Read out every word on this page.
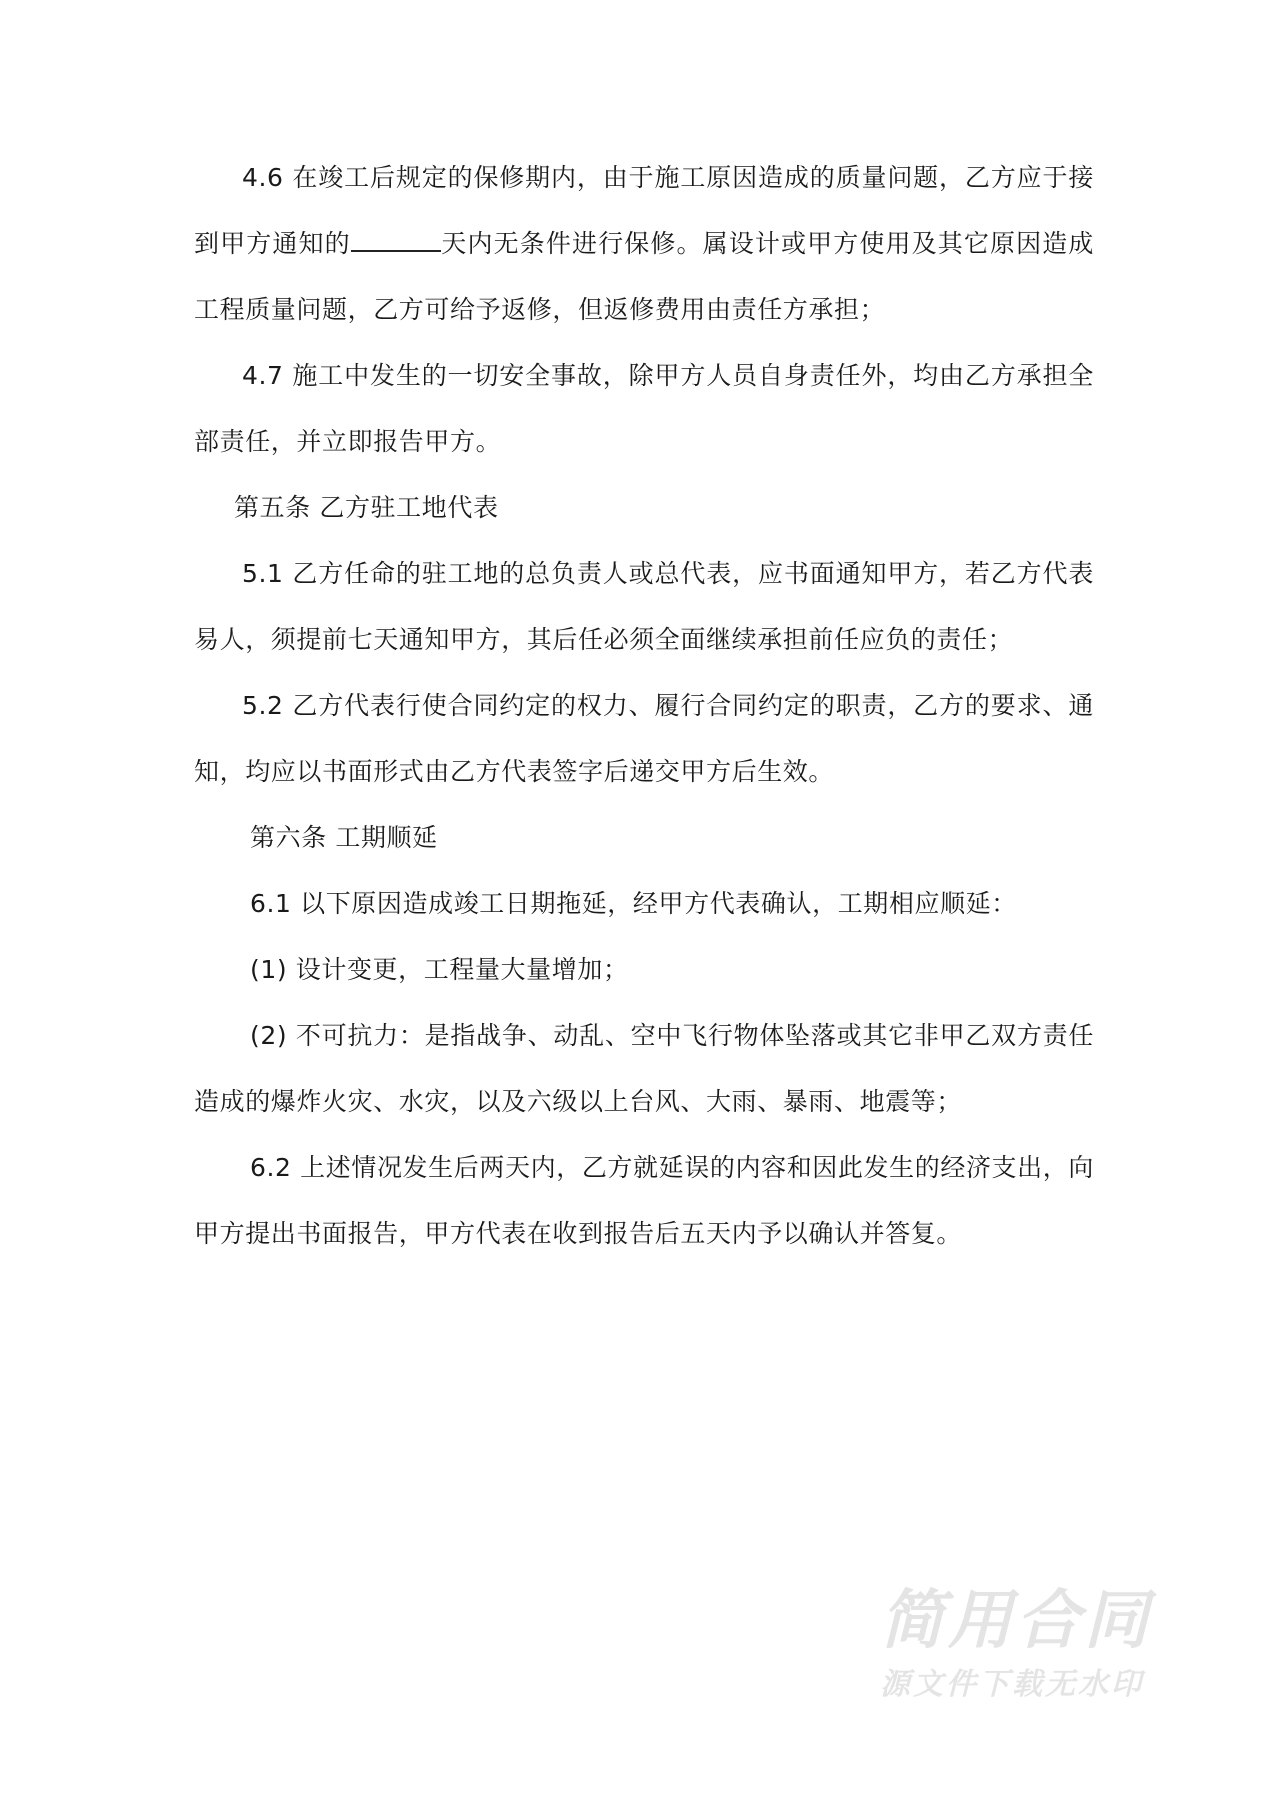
4.6 在竣工后规定的保修期内，由于施工原因造成的质量问题，乙方应于接到甲方通知的	天内无条件进行保修。属设计或甲方使用及其它原因造成工程质量问题，乙方可给予返修，但返修费用由责任方承担；

4.7 施工中发生的一切安全事故，除甲方人员自身责任外，均由乙方承担全部责任，并立即报告甲方。

第五条 乙方驻工地代表

5.1 乙方任命的驻工地的总负责人或总代表，应书面通知甲方，若乙方代表易人，须提前七天通知甲方，其后任必须全面继续承担前任应负的责任；

5.2 乙方代表行使合同约定的权力、履行合同约定的职责，乙方的要求、通知，均应以书面形式由乙方代表签字后递交甲方后生效。

第六条 工期顺延

6.1 以下原因造成竣工日期拖延，经甲方代表确认，工期相应顺延：

(1) 设计变更，工程量大量增加；

(2) 不可抗力：是指战争、动乱、空中飞行物体坠落或其它非甲乙双方责任造成的爆炸火灾、水灾，以及六级以上台风、大雨、暴雨、地震等；

6.2 上述情况发生后两天内，乙方就延误的内容和因此发生的经济支出，向甲方提出书面报告，甲方代表在收到报告后五天内予以确认并答复。

简用合同
源文件下载无水印
